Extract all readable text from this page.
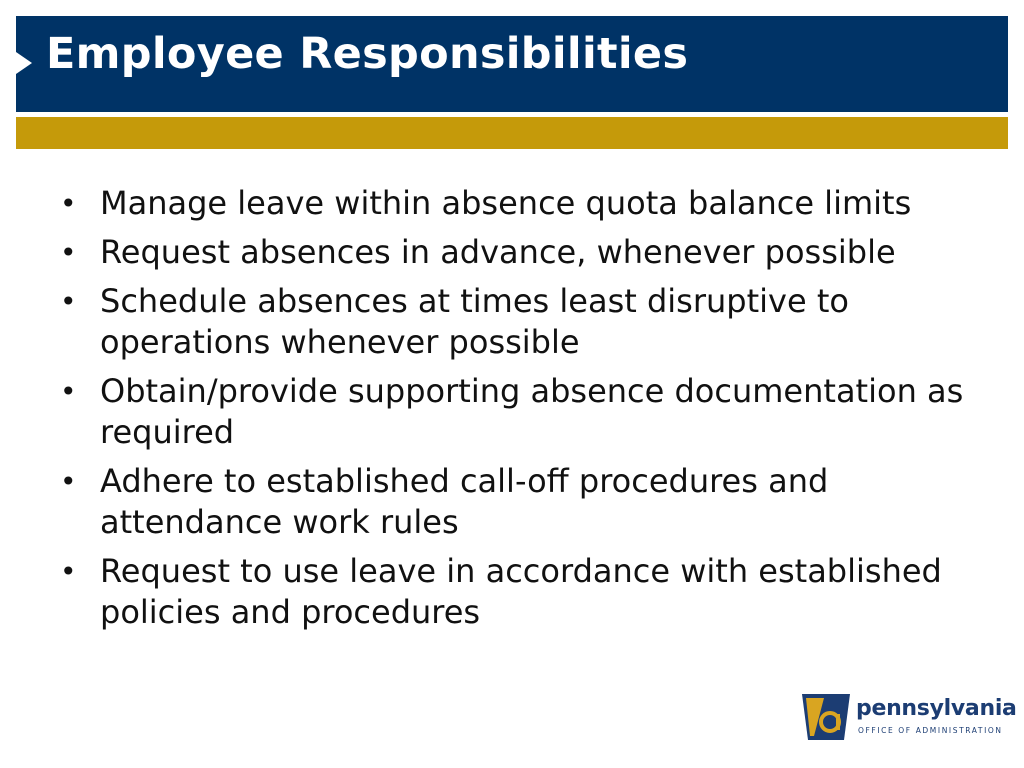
Employee Responsibilities
• Manage leave within absence quota balance limits
• Request absences in advance, whenever possible
• Schedule absences at times least disruptive to operations whenever possible
• Obtain/provide supporting absence documentation as required
• Adhere to established call-off procedures and attendance work rules
• Request to use leave in accordance with established policies and procedures
pennsylvania
OFFICE OF ADMINISTRATION
